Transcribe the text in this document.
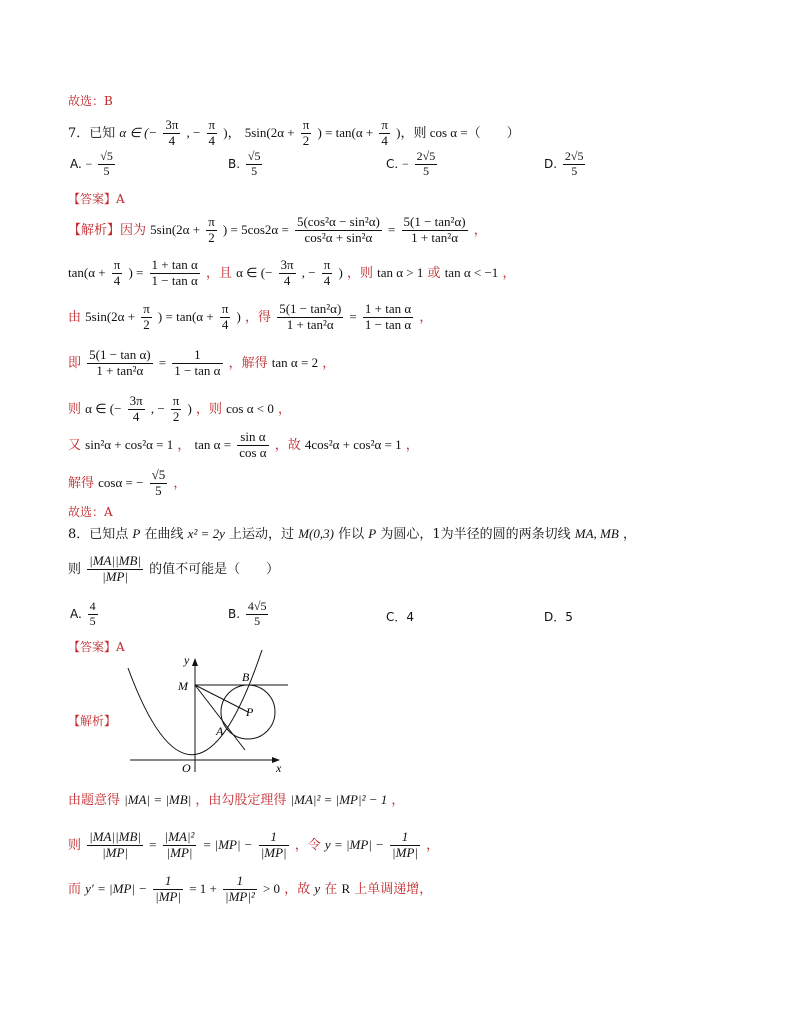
故选：B
7．已知 α ∈ (− $\frac{3\pi}{4}$ , − $\frac{\pi}{4}$ )， $5\sin(2\alpha + \frac{\pi}{2}$ ) = $\tan(\alpha + \frac{\pi}{4}$ )，则 cos α =（　　）
A. − $\frac{√5}{5}$	B. $\frac{√5}{5}$	C. − $\frac{2√5}{5}$	D. $\frac{2√5}{5}$
【答案】A
【解析】因为 $5\sin(2\alpha + \frac{\pi}{2}$ ) = $5\cos 2\alpha = \frac{\text{5(cos²α − sin²α)}}{\text{cos²α + sin²α}} = \frac{\text{5(1 − tan²α)}}{\text{1 + tan²α}}$ ，
$\tan(\alpha + \frac{\pi}{4}$ ) = $\frac{\text{1 + tan α}}{\text{1 − tan α}}$ ，且 α ∈ (− $\frac{3\pi}{4}$ , − $\frac{\pi}{4}$ ) ，则 tan α > 1 或 tan α < −1 ，
由 $5\sin(2\alpha + \frac{\pi}{2}$ ) = $\tan(\alpha + \frac{\pi}{4}$ ) ，得 $\frac{\text{5(1 − tan²α)}}{\text{1 + tan²α}} = \frac{\text{1 + tan α}}{\text{1 − tan α}}$ ，
即 $\frac{\text{5(1 − tan α)}}{\text{1 + tan²α}} = \frac{1}{\text{1 − tan α}}$ ，解得 tan α = 2 ，
则 α ∈ (− $\frac{3\pi}{4}$ , − $\frac{\pi}{2}$ ) ，则 cos α < 0 ，
又 sin²α + cos²α = 1 ， $\tan \alpha = \frac{\text{sin α}}{\text{cos α}}$ ，故 4cos²α + cos²α = 1 ，
解得 cosα = − $\frac{√5}{5}$ ，
故选：A
8．已知点 P 在曲线 x² = 2y 上运动，过 M(0,3) 作以 P 为圆心，1为半径的圆的两条切线 MA, MB ，
则 $\frac{|MA||MB|}{|MP|}$ 的值不可能是（　　）
A. $\frac{4}{5}$	B. $\frac{4√5}{5}$	C．4	D．5
【答案】A
【解析】
y
M
B
P
A
O	x
由题意得 |MA| = |MB| ，由勾股定理得 |MA|² = |MP|² − 1 ，
则 $\frac{|MA||MB|}{|MP|} = \frac{\text{|MA|²}}{|MP|} = |MP| - \frac{1}{|MP|}$ ，令 $y = |MP| - \frac{1}{|MP|}$ ，
而 $y' = |MP| - \frac{1}{|MP|} = 1 + \frac{1}{\text{|MP|²}} > 0$ ，故 y 在 R 上单调递增，
